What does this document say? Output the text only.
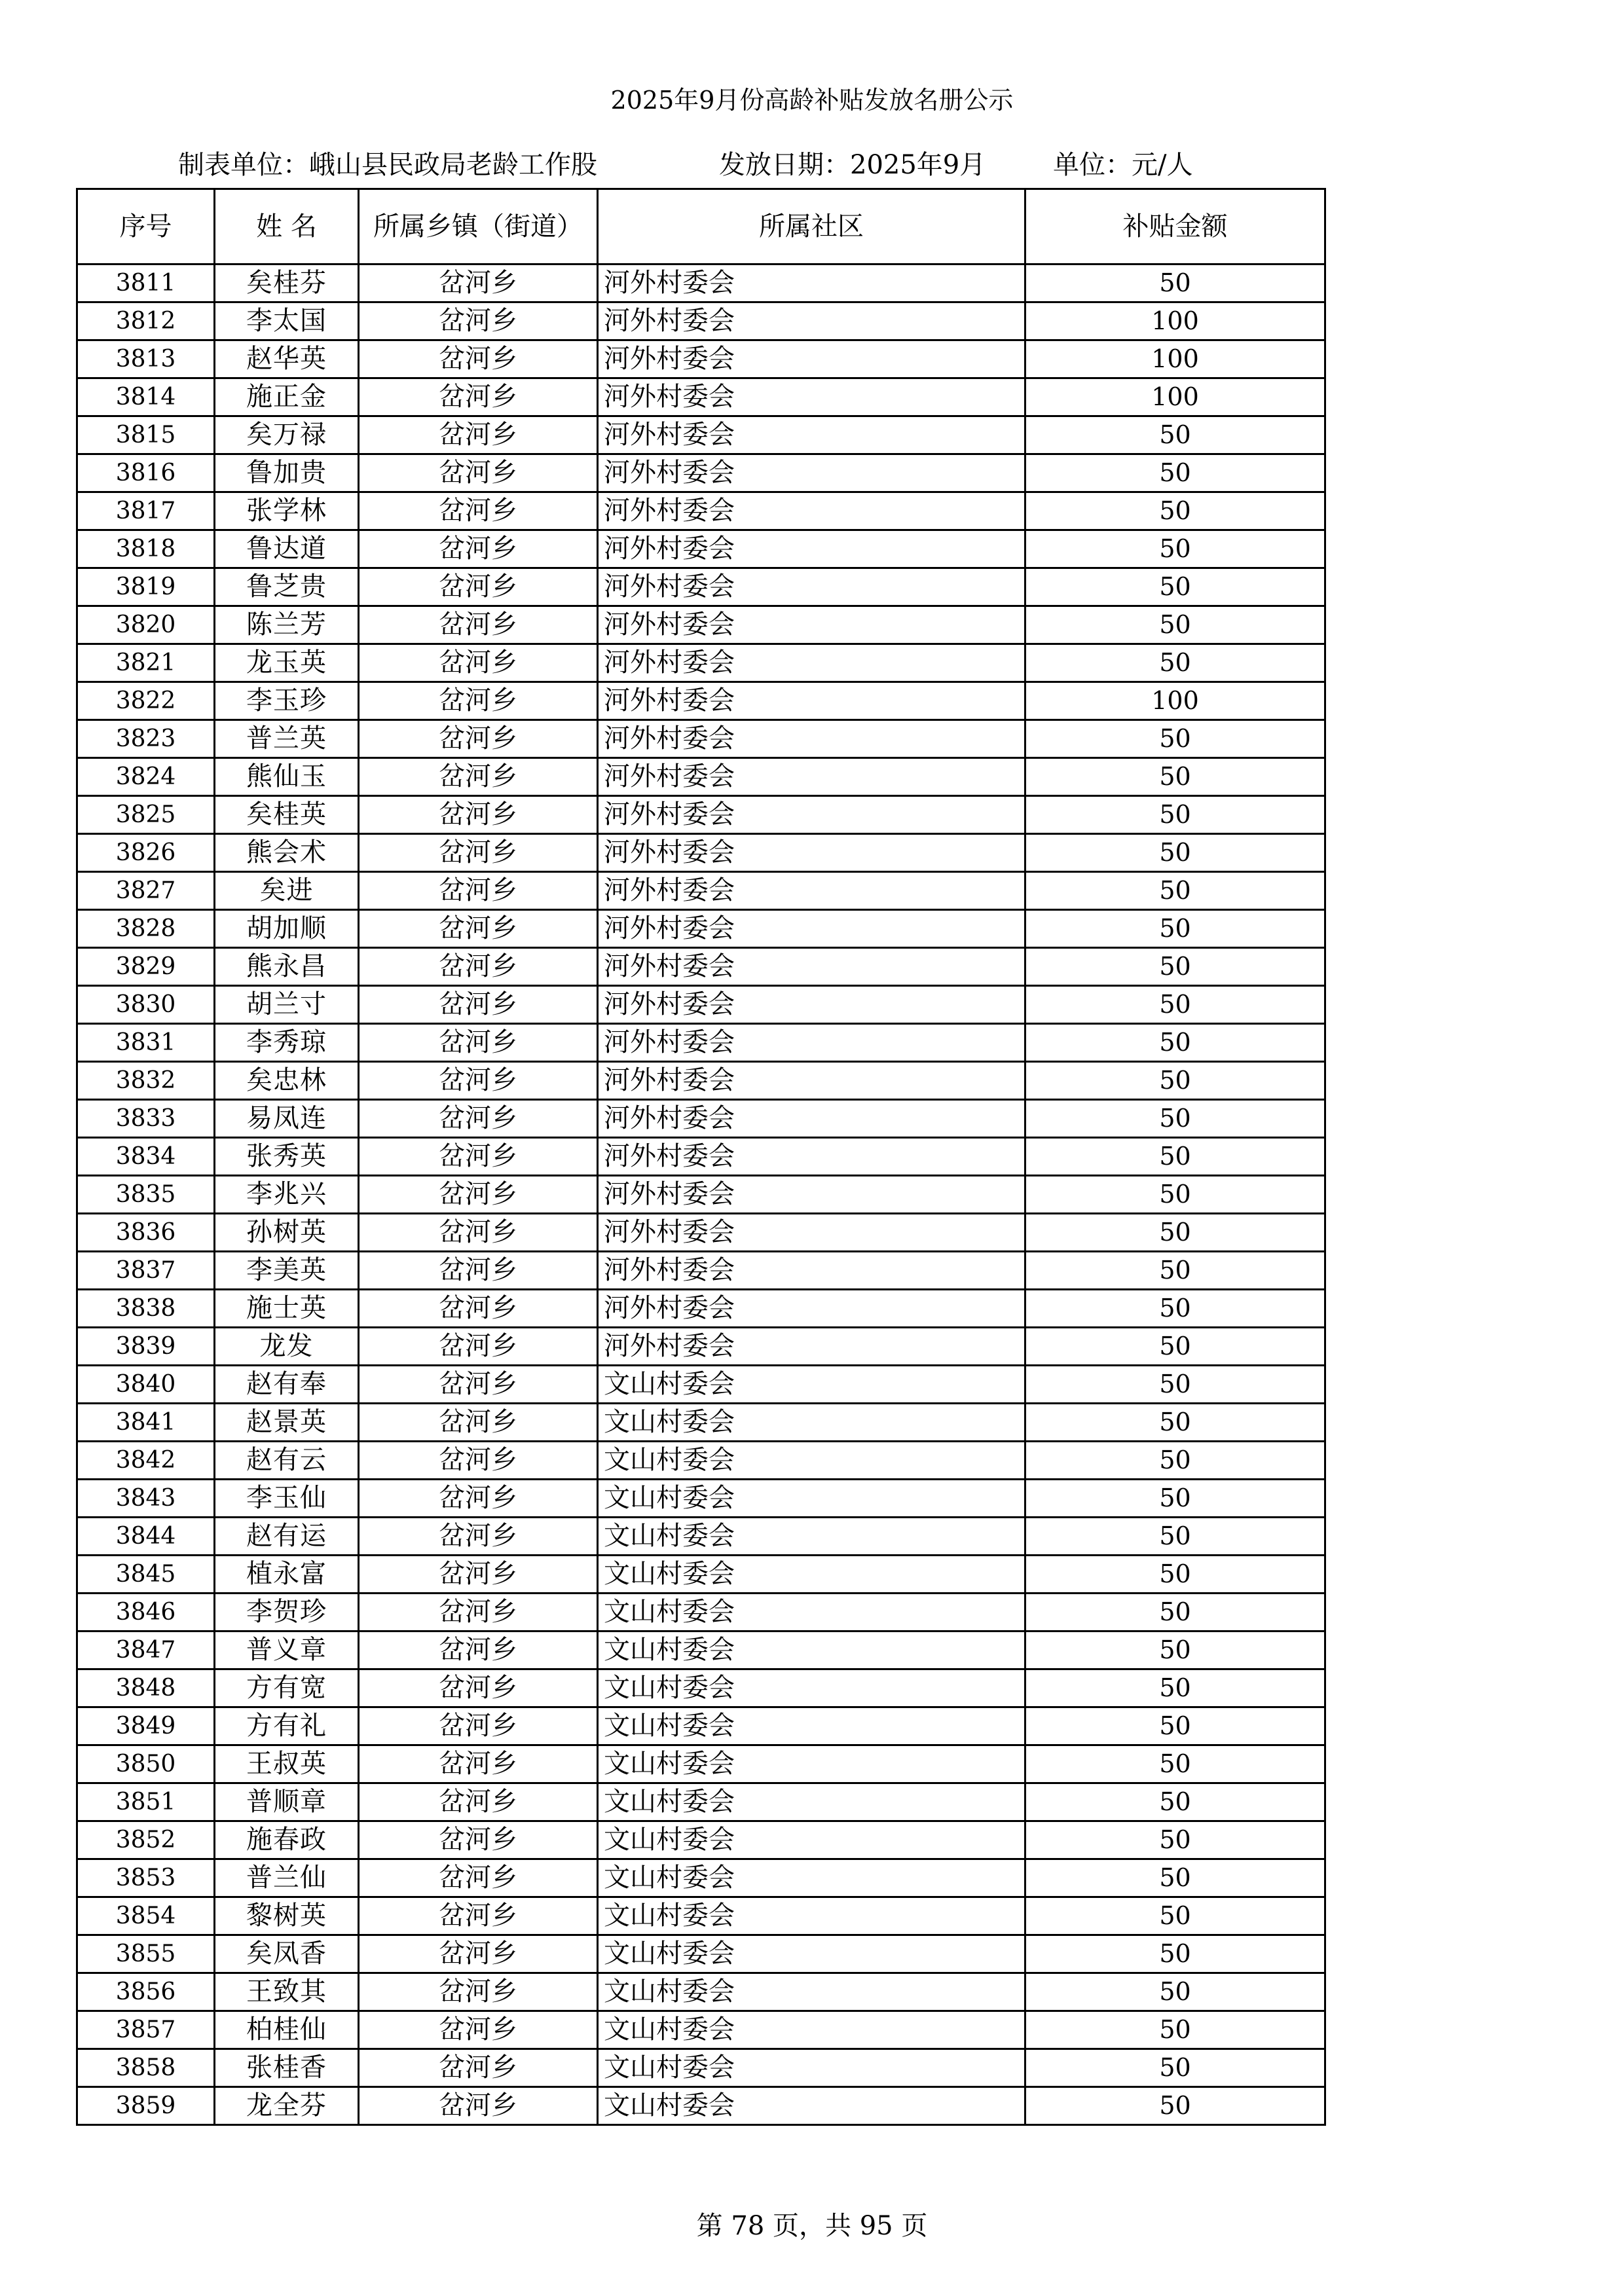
2025年9月份高龄补贴发放名册公示
制表单位：峨山县民政局老龄工作股	发放日期：2025年9月	单位：元/人
序号	姓 名	所属乡镇（街道）	所属社区	补贴金额
3811	矣桂芬	岔河乡	河外村委会	50
3812	李太国	岔河乡	河外村委会	100
3813	赵华英	岔河乡	河外村委会	100
3814	施正金	岔河乡	河外村委会	100
3815	矣万禄	岔河乡	河外村委会	50
3816	鲁加贵	岔河乡	河外村委会	50
3817	张学林	岔河乡	河外村委会	50
3818	鲁达道	岔河乡	河外村委会	50
3819	鲁芝贵	岔河乡	河外村委会	50
3820	陈兰芳	岔河乡	河外村委会	50
3821	龙玉英	岔河乡	河外村委会	50
3822	李玉珍	岔河乡	河外村委会	100
3823	普兰英	岔河乡	河外村委会	50
3824	熊仙玉	岔河乡	河外村委会	50
3825	矣桂英	岔河乡	河外村委会	50
3826	熊会术	岔河乡	河外村委会	50
3827	矣进	岔河乡	河外村委会	50
3828	胡加顺	岔河乡	河外村委会	50
3829	熊永昌	岔河乡	河外村委会	50
3830	胡兰寸	岔河乡	河外村委会	50
3831	李秀琼	岔河乡	河外村委会	50
3832	矣忠林	岔河乡	河外村委会	50
3833	易凤连	岔河乡	河外村委会	50
3834	张秀英	岔河乡	河外村委会	50
3835	李兆兴	岔河乡	河外村委会	50
3836	孙树英	岔河乡	河外村委会	50
3837	李美英	岔河乡	河外村委会	50
3838	施士英	岔河乡	河外村委会	50
3839	龙发	岔河乡	河外村委会	50
3840	赵有奉	岔河乡	文山村委会	50
3841	赵景英	岔河乡	文山村委会	50
3842	赵有云	岔河乡	文山村委会	50
3843	李玉仙	岔河乡	文山村委会	50
3844	赵有运	岔河乡	文山村委会	50
3845	植永富	岔河乡	文山村委会	50
3846	李贺珍	岔河乡	文山村委会	50
3847	普义章	岔河乡	文山村委会	50
3848	方有宽	岔河乡	文山村委会	50
3849	方有礼	岔河乡	文山村委会	50
3850	王叔英	岔河乡	文山村委会	50
3851	普顺章	岔河乡	文山村委会	50
3852	施春政	岔河乡	文山村委会	50
3853	普兰仙	岔河乡	文山村委会	50
3854	黎树英	岔河乡	文山村委会	50
3855	矣凤香	岔河乡	文山村委会	50
3856	王致其	岔河乡	文山村委会	50
3857	柏桂仙	岔河乡	文山村委会	50
3858	张桂香	岔河乡	文山村委会	50
3859	龙全芬	岔河乡	文山村委会	50
第 78 页，共 95 页
